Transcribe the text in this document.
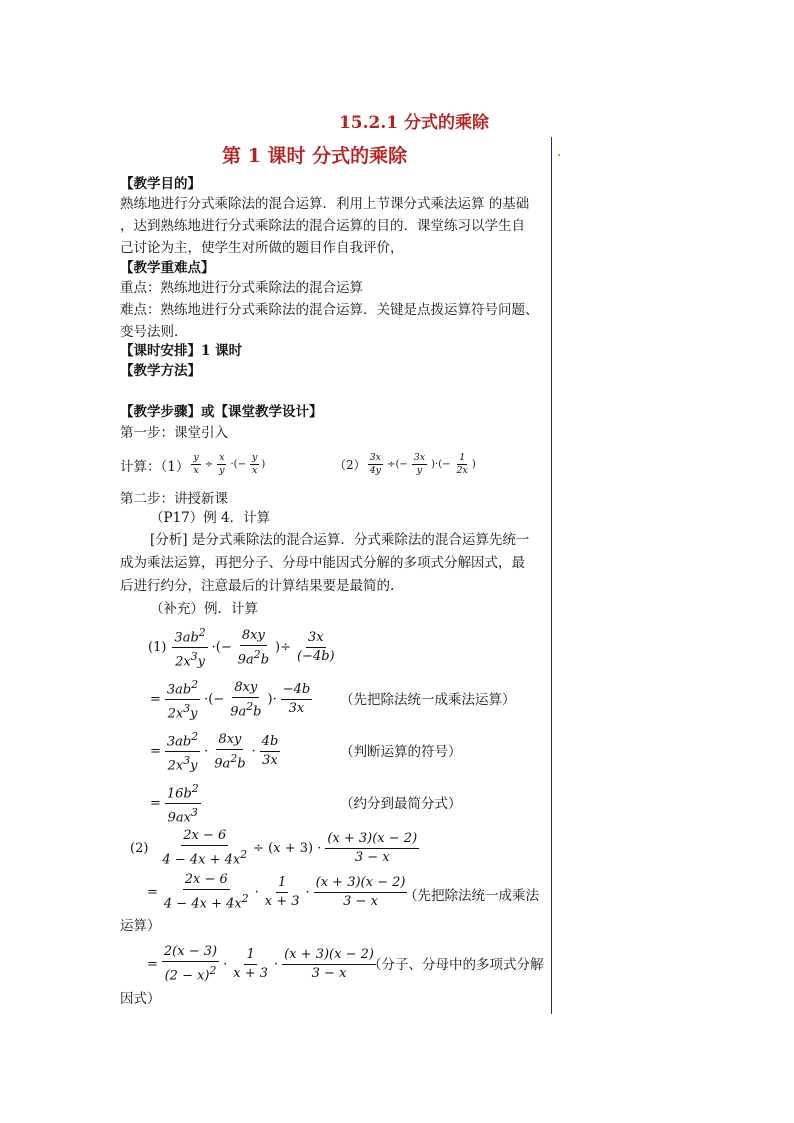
15.2.1 分式的乘除
第 1 课时 分式的乘除
【教学目的】
熟练地进行分式乘除法的混合运算．利用上节课分式乘法运算 的基础
，达到熟练地进行分式乘除法的混合运算的目的．课堂练习以学生自
己讨论为主，使学生对所做的题目作自我评价，
【教学重难点】
重点：熟练地进行分式乘除法的混合运算
难点：熟练地进行分式乘除法的混合运算．关键是点拨运算符号问题、
变号法则．
【课时安排】1 课时
【教学方法】
【教学步骤】或【课堂教学设计】
第一步：课堂引入
计算：$(1) \frac{y}{x} \div \frac{x}{y}$ ·(− $\frac{y}{x}$ )	$(2) \frac{3x}{4y}$ ÷(− $\frac{3x}{y}$ )·(− $\frac{1}{2x}$ )
第二步：讲授新课
（P17）例 4．计算
[分析] 是分式乘除法的混合运算．分式乘除法的混合运算先统一
成为乘法运算，再把分子、分母中能因式分解的多项式分解因式，最
后进行约分，注意最后的计算结果要是最简的.
（补充）例．计算
$(1) \frac{3ab^2}{2x^3y}$ ·(− $\frac{8xy}{9a^2b}$ )÷ $\frac{3x}{(-4b)}$
= $\frac{3ab^2}{2x^3y}$ ·(− $\frac{8xy}{9a^2b}$ )· $\frac{-4b}{3x}$ （先把除法统一成乘法运算）
= $\frac{3ab^2}{2x^3y} \cdot \frac{8xy}{9a^2b} \cdot \frac{4b}{3x}$	（判断运算的符号）
= $\frac{16b^2}{9ax^3}$	（约分到最简分式）
$(2) \frac{2x - 6}{4 - 4x + 4x^2} \div (x + 3) \cdot \frac{(x + 3)(x - 2)}{3 - x}$
= $\frac{2x - 6}{4 - 4x + 4x^2} \cdot \frac{1}{x + 3} \cdot \frac{(x + 3)(x - 2)}{3 - x}$
（先把除法统一成乘法
运算）
= $\frac{2(x - 3)}{(2 - x)^2} \cdot \frac{1}{x + 3} \cdot \frac{(x + 3)(x - 2)}{3 - x}$
（分子、分母中的多项式分解
因式）
